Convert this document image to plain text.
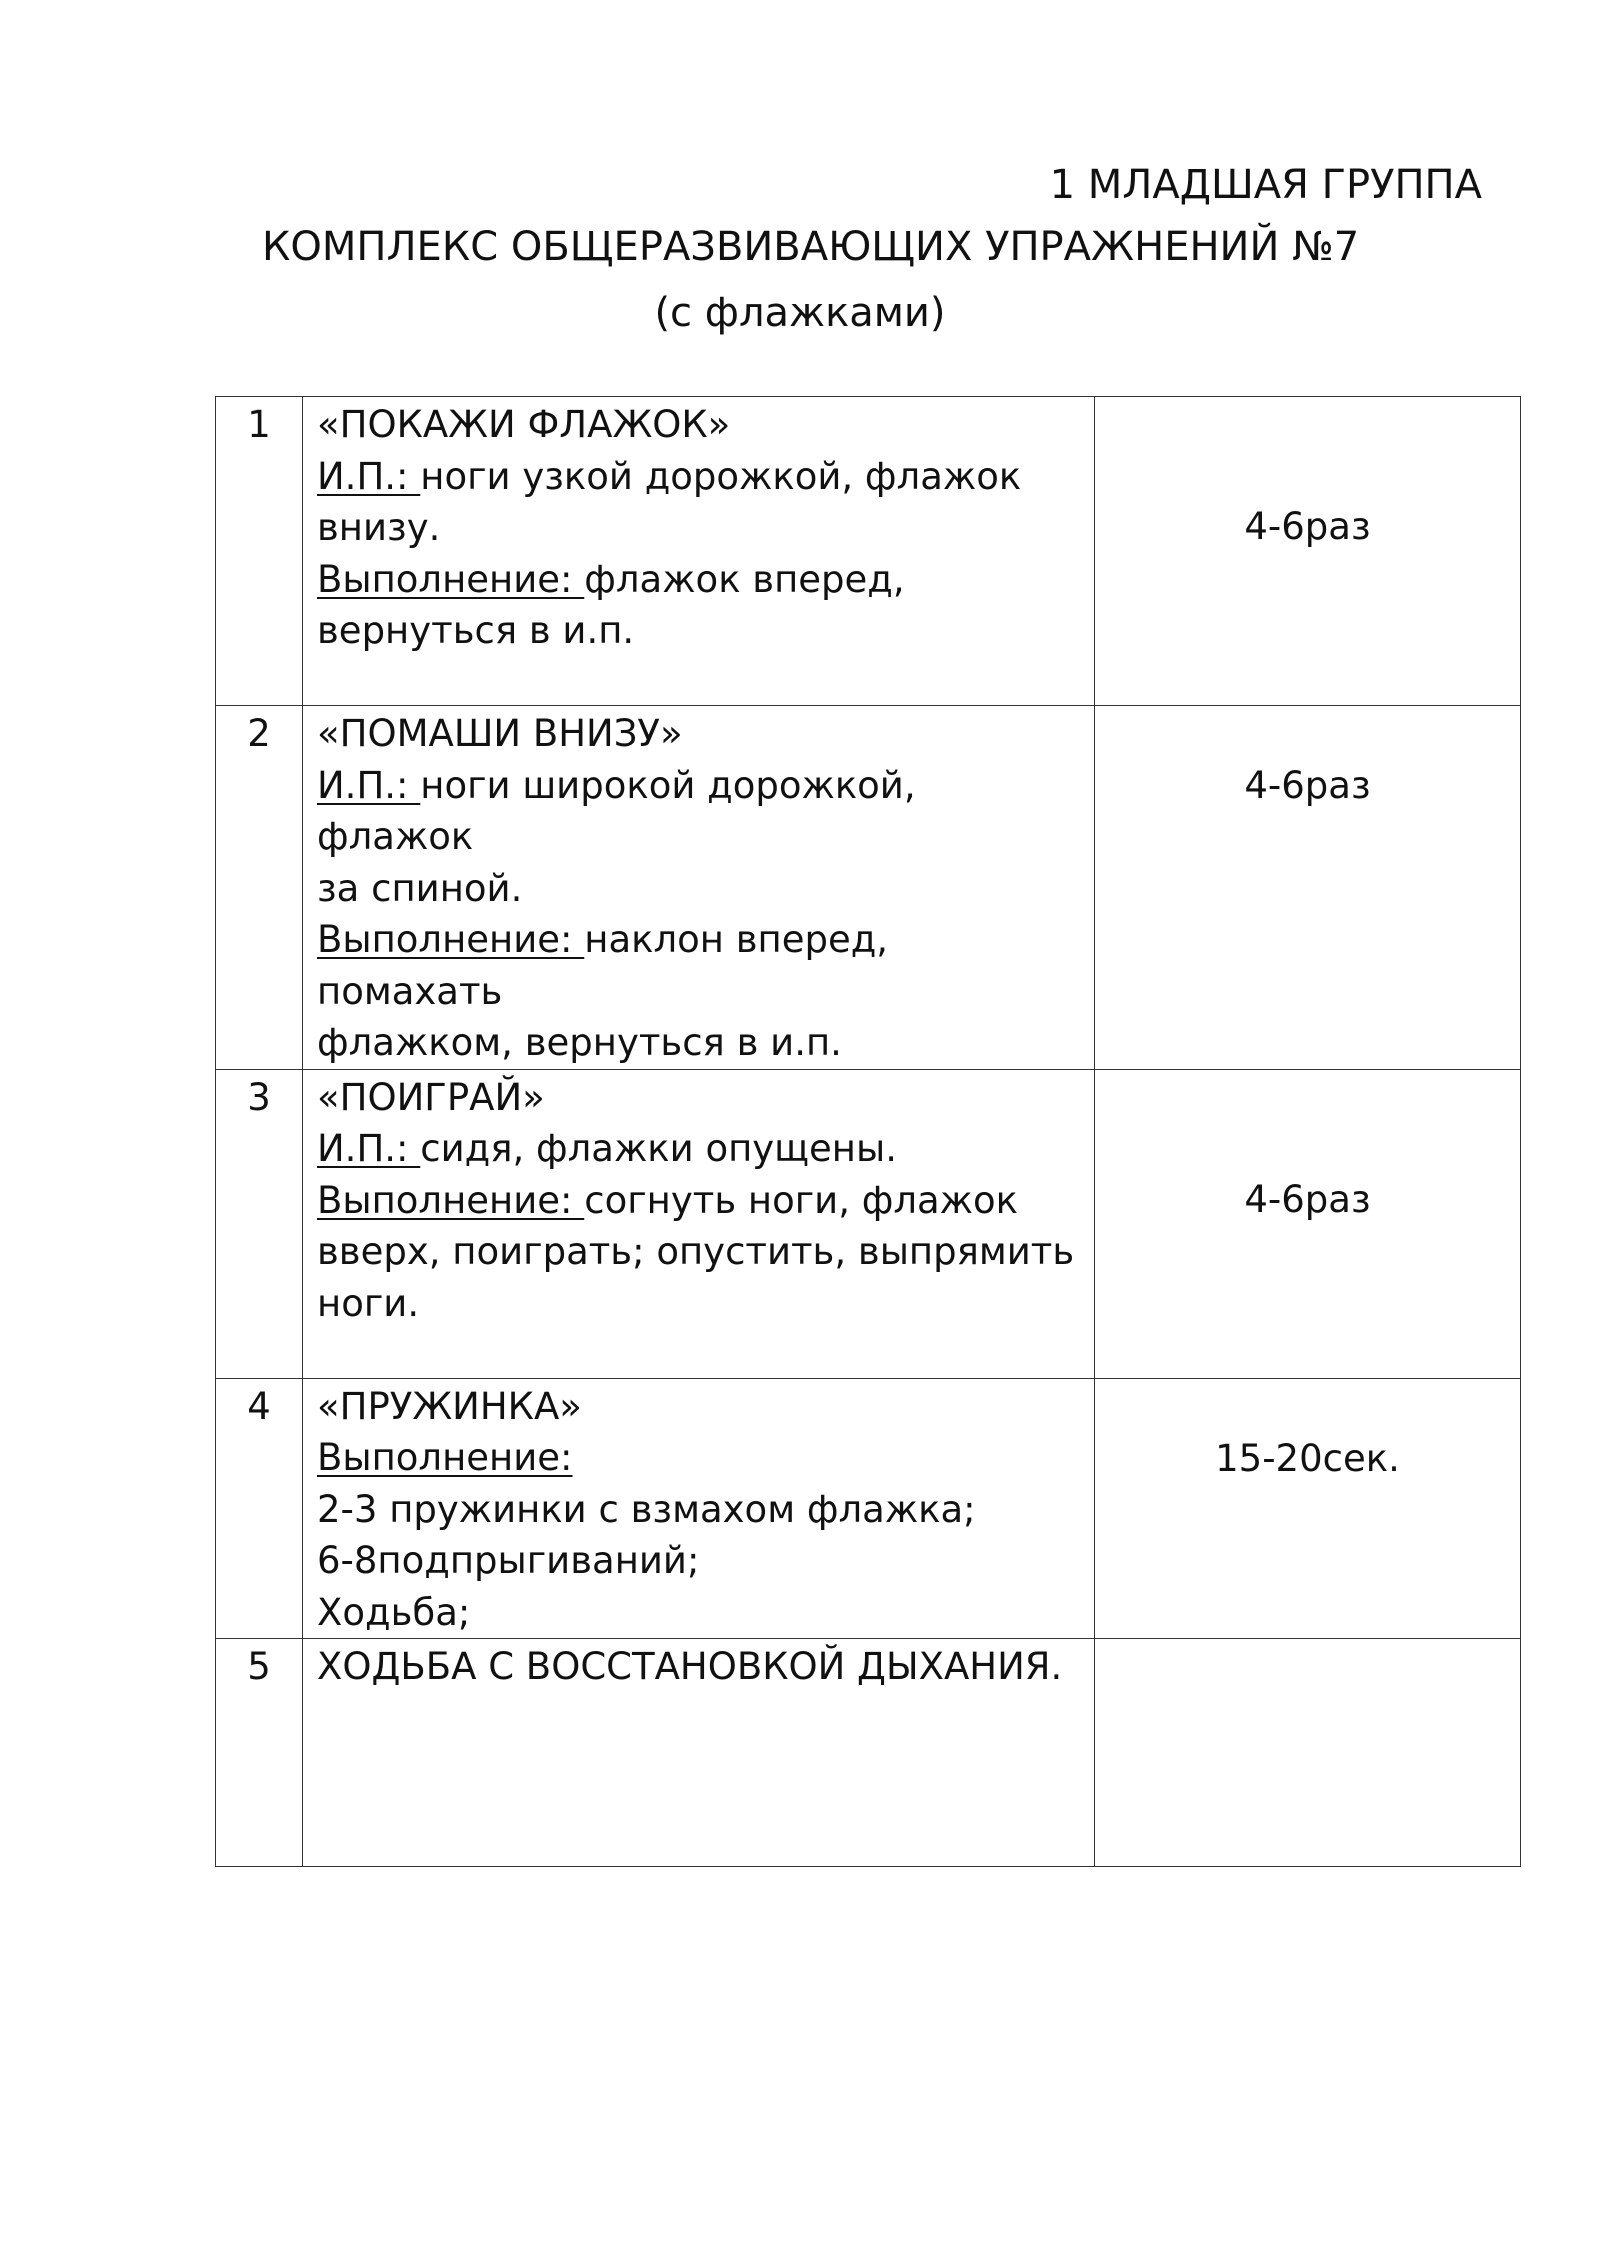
1 МЛАДШАЯ ГРУППА
КОМПЛЕКС ОБЩЕРАЗВИВАЮЩИХ УПРАЖНЕНИЙ №7
(с флажками)
1	«ПОКАЖИ ФЛАЖОК»
И.П.: ноги узкой дорожкой, флажок
внизу.
Выполнение: флажок вперед,
вернуться в и.п.	4-6раз
2	«ПОМАШИ ВНИЗУ»
И.П.: ноги широкой дорожкой, флажок
за спиной.
Выполнение: наклон вперед, помахать
флажком, вернуться в и.п.	4-6раз
3	«ПОИГРАЙ»
И.П.: сидя, флажки опущены.
Выполнение: согнуть ноги, флажок
вверх, поиграть; опустить, выпрямить
ноги.	4-6раз
4	«ПРУЖИНКА»
Выполнение:
2-3 пружинки с взмахом флажка;
6-8подпрыгиваний;
Ходьба;	15-20сек.
5	ХОДЬБА С ВОССТАНОВКОЙ ДЫХАНИЯ.	
